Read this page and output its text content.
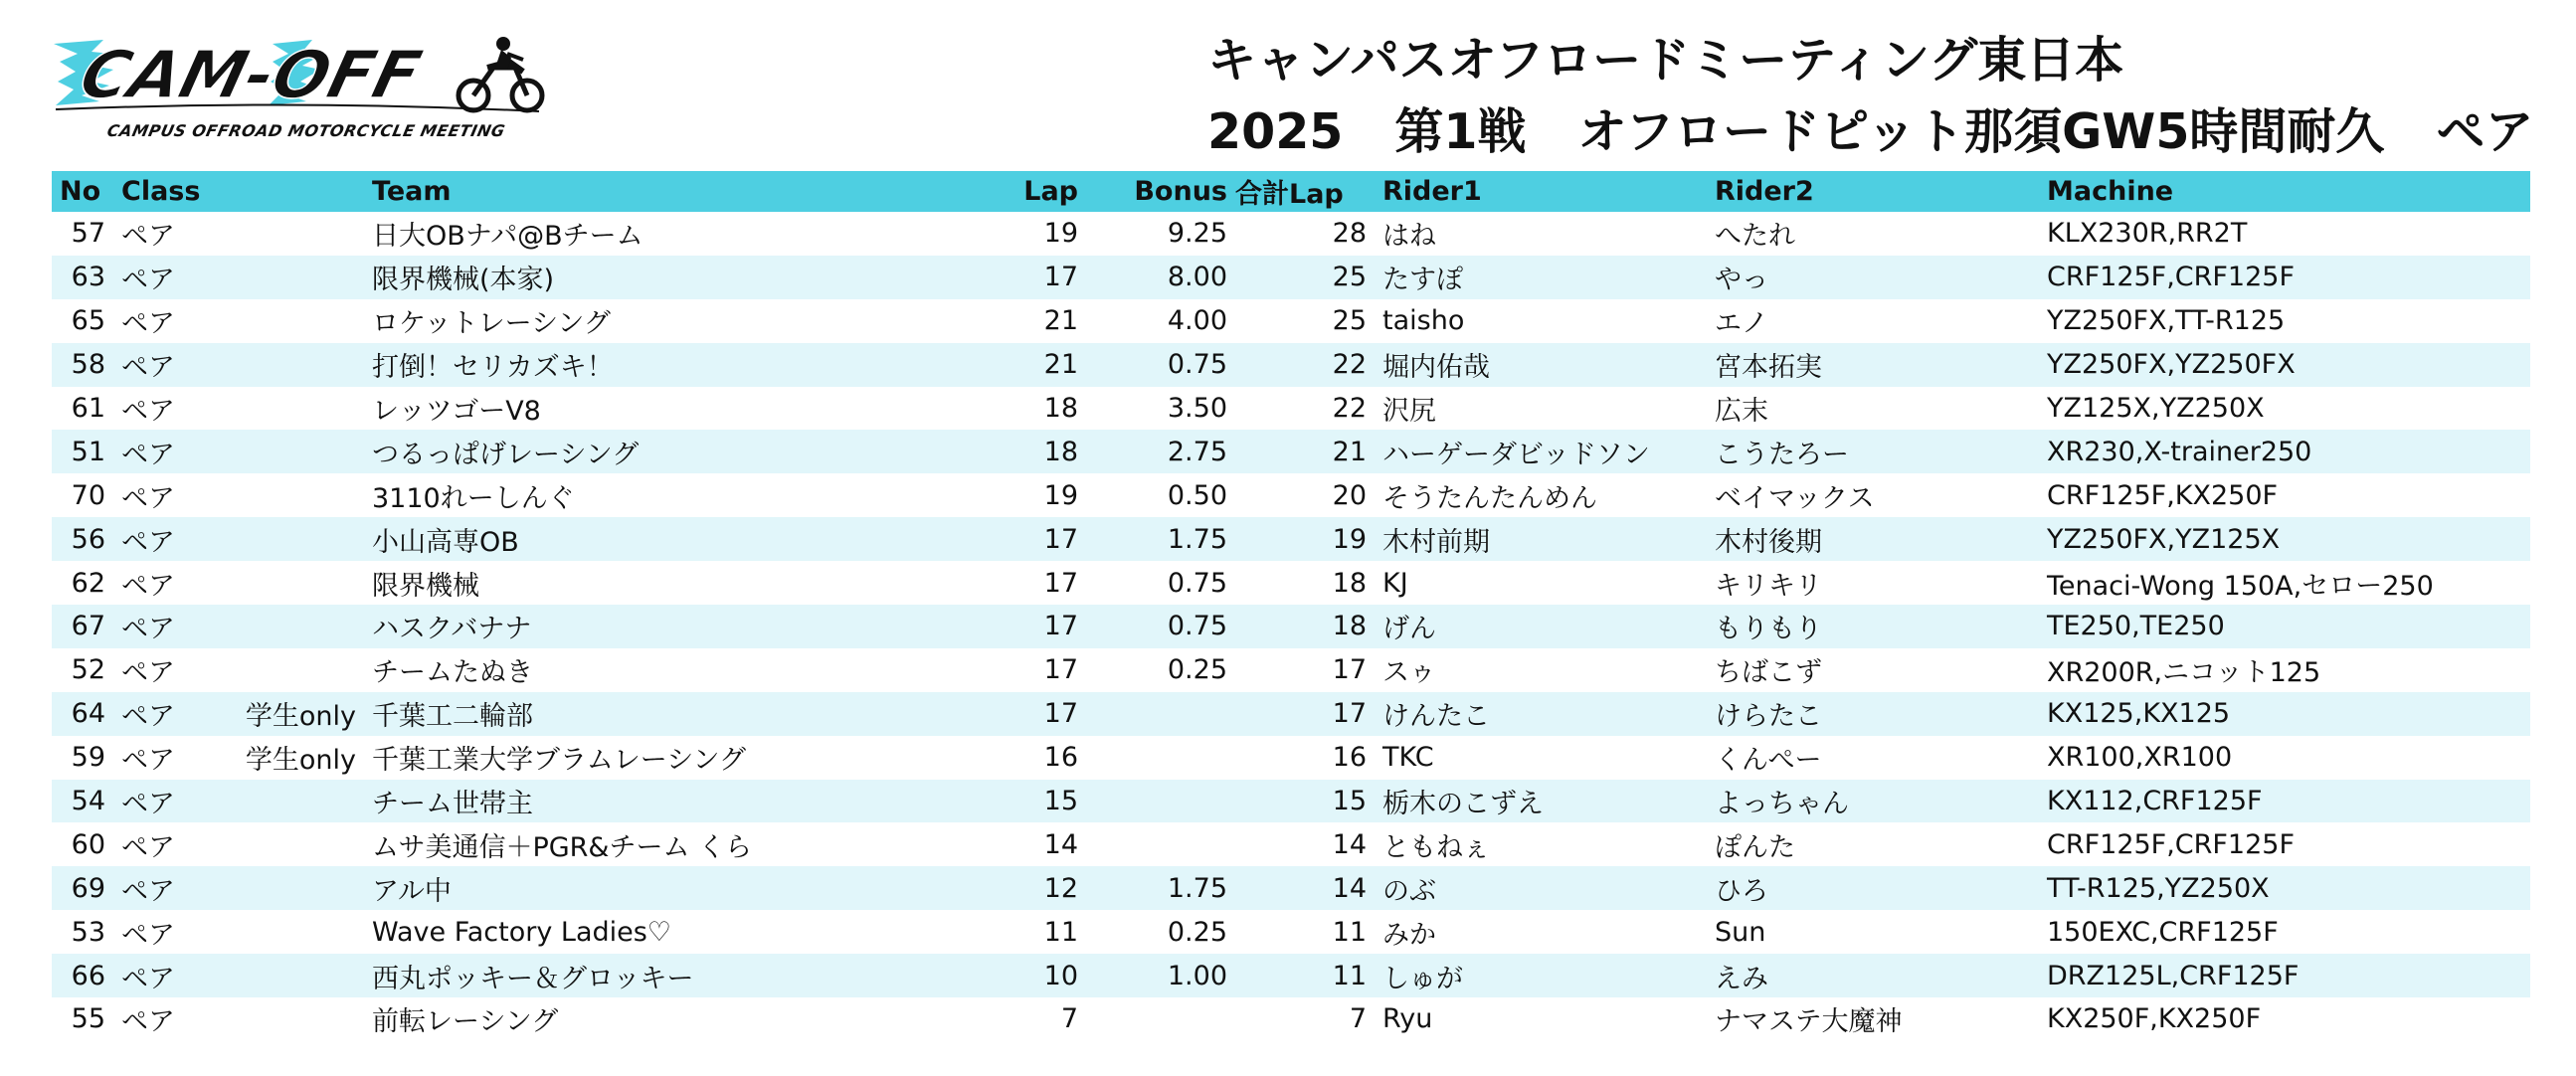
CAM-OFF
CAMPUS OFFROAD MOTORCYCLE MEETING
キャンパスオフロードミーティング東日本
2025 第1戦 オフロードピット那須GW5時間耐久 ペア
No	Class		Team	Lap	Bonus	合計Lap	Rider1	Rider2	Machine
57	ペア		日大OBナパ@Bチーム	19	9.25	28	はね	へたれ	KLX230R,RR2T
63	ペア		限界機械(本家)	17	8.00	25	たすぽ	やっ	CRF125F,CRF125F
65	ペア		ロケットレーシング	21	4.00	25	taisho	エノ	YZ250FX,TT-R125
58	ペア		打倒！セリカズキ！	21	0.75	22	堀内佑哉	宮本拓実	YZ250FX,YZ250FX
61	ペア		レッツゴーV8	18	3.50	22	沢尻	広末	YZ125X,YZ250X
51	ペア		つるっぱげレーシング	18	2.75	21	ハーゲーダビッドソン	こうたろー	XR230,X-trainer250
70	ペア		3110れーしんぐ	19	0.50	20	そうたんたんめん	ベイマックス	CRF125F,KX250F
56	ペア		小山高専OB	17	1.75	19	木村前期	木村後期	YZ250FX,YZ125X
62	ペア		限界機械	17	0.75	18	KJ	キリキリ	Tenaci-Wong 150A,セロー250
67	ペア		ハスクバナナ	17	0.75	18	げん	もりもり	TE250,TE250
52	ペア		チームたぬき	17	0.25	17	スゥ	ちばこず	XR200R,ニコット125
64	ペア	学生only	千葉工二輪部	17		17	けんたこ	けらたこ	KX125,KX125
59	ペア	学生only	千葉工業大学ブラムレーシング	16		16	TKC	くんぺー	XR100,XR100
54	ペア		チーム世帯主	15		15	栃木のこずえ	よっちゃん	KX112,CRF125F
60	ペア		ムサ美通信＋PGR&チーム くら	14		14	ともねぇ	ぽんた	CRF125F,CRF125F
69	ペア		アル中	12	1.75	14	のぶ	ひろ	TT-R125,YZ250X
53	ペア		Wave Factory Ladies♡	11	0.25	11	みか	Sun	150EXC,CRF125F
66	ペア		西丸ポッキー＆グロッキー	10	1.00	11	しゅが	えみ	DRZ125L,CRF125F
55	ペア		前転レーシング	7		7	Ryu	ナマステ大魔神	KX250F,KX250F
